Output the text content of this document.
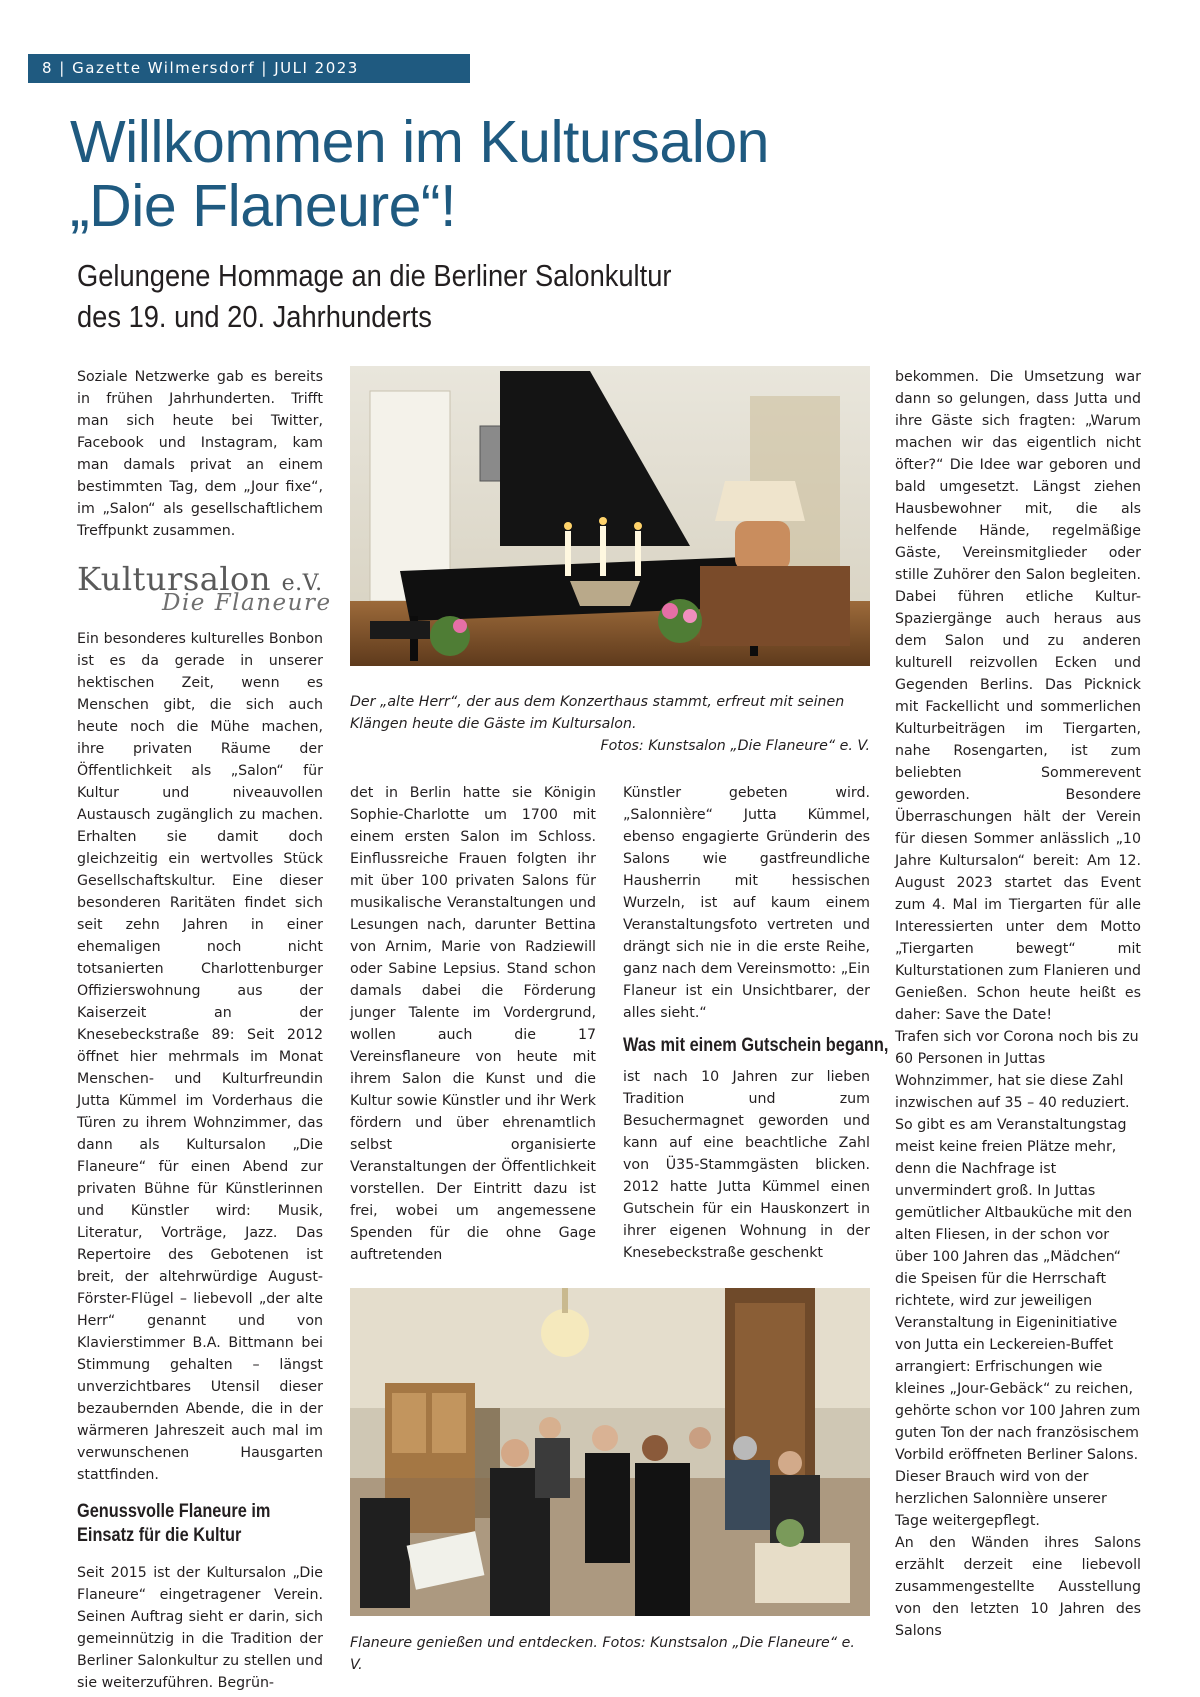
8 | Gazette Wilmersdorf | JULI 2023
Willkommen im Kultursalon
„Die Flaneure“!
Gelungene Hommage an die Berliner Salonkultur
des 19. und 20. Jahrhunderts

Soziale Netzwerke gab es bereits in frühen Jahrhunderten. Trifft man sich heute bei Twitter, Facebook und Instagram, kam man damals privat an einem bestimmten Tag, dem „Jour fixe“, im „Salon“ als gesellschaftlichem Treffpunkt zusammen.

Kultursalon e.V.
Die Flaneure

Ein besonderes kulturelles Bonbon ist es da gerade in unserer hektischen Zeit, wenn es Menschen gibt, die sich auch heute noch die Mühe machen, ihre privaten Räume der Öffentlichkeit als „Salon“ für Kultur und niveauvollen Austausch zugänglich zu machen. Erhalten sie damit doch gleichzeitig ein wertvolles Stück Gesellschaftskultur. Eine dieser besonderen Raritäten findet sich seit zehn Jahren in einer ehemaligen noch nicht totsanierten Charlottenburger Offizierswohnung aus der Kaiserzeit an der Knesebeckstraße 89: Seit 2012 öffnet hier mehrmals im Monat Menschen- und Kulturfreundin Jutta Kümmel im Vorderhaus die Türen zu ihrem Wohnzimmer, das dann als Kultursalon „Die Flaneure“ für einen Abend zur privaten Bühne für Künstlerinnen und Künstler wird: Musik, Literatur, Vorträge, Jazz. Das Repertoire des Gebotenen ist breit, der altehrwürdige August-Förster-Flügel – liebevoll „der alte Herr“ genannt und von Klavierstimmer B.A. Bittmann bei Stimmung gehalten – längst unverzichtbares Utensil dieser bezaubernden Abende, die in der wärmeren Jahreszeit auch mal im verwunschenen Hausgarten stattfinden.

Genussvolle Flaneure im

Einsatz für die Kultur

Seit 2015 ist der Kultursalon „Die Flaneure“ eingetragener Verein. Seinen Auftrag sieht er darin, sich gemeinnützig in die Tradition der Berliner Salonkultur zu stellen und sie weiterzuführen. Begrün-

Der „alte Herr“, der aus dem Konzerthaus stammt, erfreut mit seinen
Klängen heute die Gäste im Kultursalon.
Fotos: Kunstsalon „Die Flaneure“ e. V.

det in Berlin hatte sie Königin Sophie-Charlotte um 1700 mit einem ersten Salon im Schloss. Einflussreiche Frauen folgten ihr mit über 100 privaten Salons für musikalische Veranstaltungen und Lesungen nach, darunter Bettina von Arnim, Marie von Radziewill oder Sabine Lepsius. Stand schon damals dabei die Förderung junger Talente im Vordergrund, wollen auch die 17 Vereinsflaneure von heute mit ihrem Salon die Kunst und die Kultur sowie Künstler und ihr Werk fördern und über ehrenamtlich selbst organisierte Veranstaltungen der Öffentlichkeit vorstellen. Der Eintritt dazu ist frei, wobei um angemessene Spenden für die ohne Gage auftretenden

Künstler gebeten wird. „Salonnière“ Jutta Kümmel, ebenso engagierte Gründerin des Salons wie gastfreundliche Hausherrin mit hessischen Wurzeln, ist auf kaum einem Veranstaltungsfoto vertreten und drängt sich nie in die erste Reihe, ganz nach dem Vereinsmotto: „Ein Flaneur ist ein Unsichtbarer, der alles sieht.“

Was mit einem Gutschein begann,

ist nach 10 Jahren zur lieben Tradition und zum Besuchermagnet geworden und kann auf eine beachtliche Zahl von Ü35-Stammgästen blicken. 2012 hatte Jutta Kümmel einen Gutschein für ein Hauskonzert in ihrer eigenen Wohnung in der Knesebeckstraße geschenkt

Flaneure genießen und entdecken. Fotos: Kunstsalon „Die Flaneure“ e. V.

bekommen. Die Umsetzung war dann so gelungen, dass Jutta und ihre Gäste sich fragten: „Warum machen wir das eigentlich nicht öfter?“ Die Idee war geboren und bald umgesetzt. Längst ziehen Hausbewohner mit, die als helfende Hände, regelmäßige Gäste, Vereinsmitglieder oder stille Zuhörer den Salon begleiten. Dabei führen etliche Kultur-Spaziergänge auch heraus aus dem Salon und zu anderen kulturell reizvollen Ecken und Gegenden Berlins. Das Picknick mit Fackellicht und sommerlichen Kulturbeiträgen im Tiergarten, nahe Rosengarten, ist zum beliebten Sommerevent geworden. Besondere Überraschungen hält der Verein für diesen Sommer anlässlich „10 Jahre Kultursalon“ bereit: Am 12. August 2023 startet das Event zum 4. Mal im Tiergarten für alle Interessierten unter dem Motto „Tiergarten bewegt“ mit Kulturstationen zum Flanieren und Genießen. Schon heute heißt es daher: Save the Date!

Trafen sich vor Corona noch bis zu 60 Personen in Juttas Wohnzimmer, hat sie diese Zahl inzwischen auf 35 – 40 reduziert. So gibt es am Veranstaltungstag meist keine freien Plätze mehr, denn die Nachfrage ist unvermindert groß. In Juttas gemütlicher Altbauküche mit den alten Fliesen, in der schon vor über 100 Jahren das „Mädchen“ die Speisen für die Herrschaft richtete, wird zur jeweiligen Veranstaltung in Eigeninitiative von Jutta ein Leckereien-Buffet arrangiert: Erfrischungen wie kleines „Jour-Gebäck“ zu reichen, gehörte schon vor 100 Jahren zum guten Ton der nach französischem Vorbild eröffneten Berliner Salons. Dieser Brauch wird von der herzlichen Salonnière unserer Tage weitergepflegt.

An den Wänden ihres Salons erzählt derzeit eine liebevoll zusammengestellte Ausstellung von den letzten 10 Jahren des Salons
